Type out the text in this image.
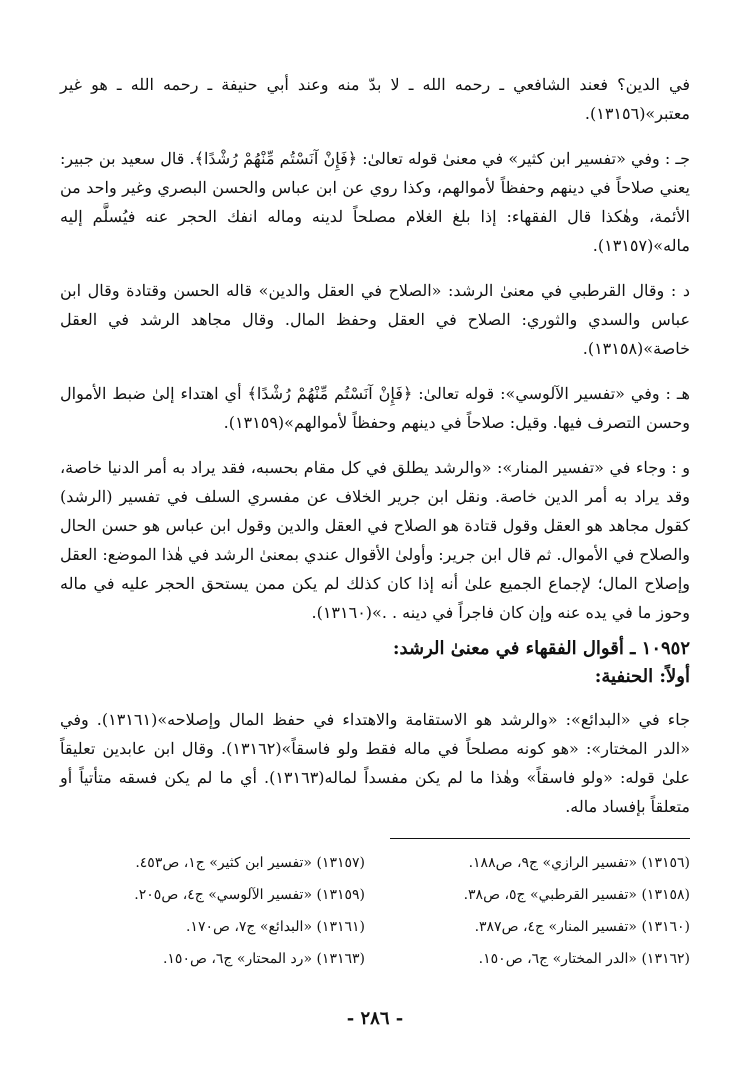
في الدين؟ فعند الشافعي ـ رحمه الله ـ لا بدّ منه وعند أبي حنيفة ـ رحمه الله ـ هو غير معتبر»(١٣١٥٦).

جـ : وفي «تفسير ابن كثير» في معنىٰ قوله تعالىٰ: ﴿فَإِنْ آنَسْتُم مِّنْهُمْ رُشْدًا﴾. قال سعيد بن جبير: يعني صلاحاً في دينهم وحفظاً لأموالهم، وكذا روي عن ابن عباس والحسن البصري وغير واحد من الأئمة، وهٰكذا قال الفقهاء: إذا بلغ الغلام مصلحاً لدينه وماله انفك الحجر عنه فيُسلَّم إليه ماله»(١٣١٥٧).

د : وقال القرطبي في معنىٰ الرشد: «الصلاح في العقل والدين» قاله الحسن وقتادة وقال ابن عباس والسدي والثوري: الصلاح في العقل وحفظ المال. وقال مجاهد الرشد في العقل خاصة»(١٣١٥٨).

هـ : وفي «تفسير الآلوسي»: قوله تعالىٰ: ﴿فَإِنْ آنَسْتُم مِّنْهُمْ رُشْدًا﴾ أي اهتداء إلىٰ ضبط الأموال وحسن التصرف فيها. وقيل: صلاحاً في دينهم وحفظاً لأموالهم»(١٣١٥٩).

و : وجاء في «تفسير المنار»: «والرشد يطلق في كل مقام بحسبه، فقد يراد به أمر الدنيا خاصة، وقد يراد به أمر الدين خاصة. ونقل ابن جرير الخلاف عن مفسري السلف في تفسير (الرشد) كقول مجاهد هو العقل وقول قتادة هو الصلاح في العقل والدين وقول ابن عباس هو حسن الحال والصلاح في الأموال. ثم قال ابن جرير: وأولىٰ الأقوال عندي بمعنىٰ الرشد في هٰذا الموضع: العقل وإصلاح المال؛ لإجماع الجميع علىٰ أنه إذا كان كذلك لم يكن ممن يستحق الحجر عليه في ماله وحوز ما في يده عنه وإن كان فاجراً في دينه . .»(١٣١٦٠).

١٠٩٥٢ ـ أقوال الفقهاء في معنىٰ الرشد:

أولاً: الحنفية:

جاء في «البدائع»: «والرشد هو الاستقامة والاهتداء في حفظ المال وإصلاحه»(١٣١٦١). وفي «الدر المختار»: «هو كونه مصلحاً في ماله فقط ولو فاسقاً»(١٣١٦٢). وقال ابن عابدين تعليقاً علىٰ قوله: «ولو فاسقاً» وهٰذا ما لم يكن مفسداً لماله(١٣١٦٣). أي ما لم يكن فسقه متأتياً أو متعلقاً بإفساد ماله.

(١٣١٥٦) «تفسير الرازي» ج٩، ص١٨٨.
(١٣١٥٧) «تفسير ابن كثير» ج١، ص٤٥٣.
(١٣١٥٨) «تفسير القرطبي» ج٥، ص٣٨.
(١٣١٥٩) «تفسير الآلوسي» ج٤، ص٢٠٥.
(١٣١٦٠) «تفسير المنار» ج٤، ص٣٨٧.
(١٣١٦١) «البدائع» ج٧، ص١٧٠.
(١٣١٦٢) «الدر المختار» ج٦، ص١٥٠.
(١٣١٦٣) «رد المحتار» ج٦، ص١٥٠.
- ٢٨٦ -
